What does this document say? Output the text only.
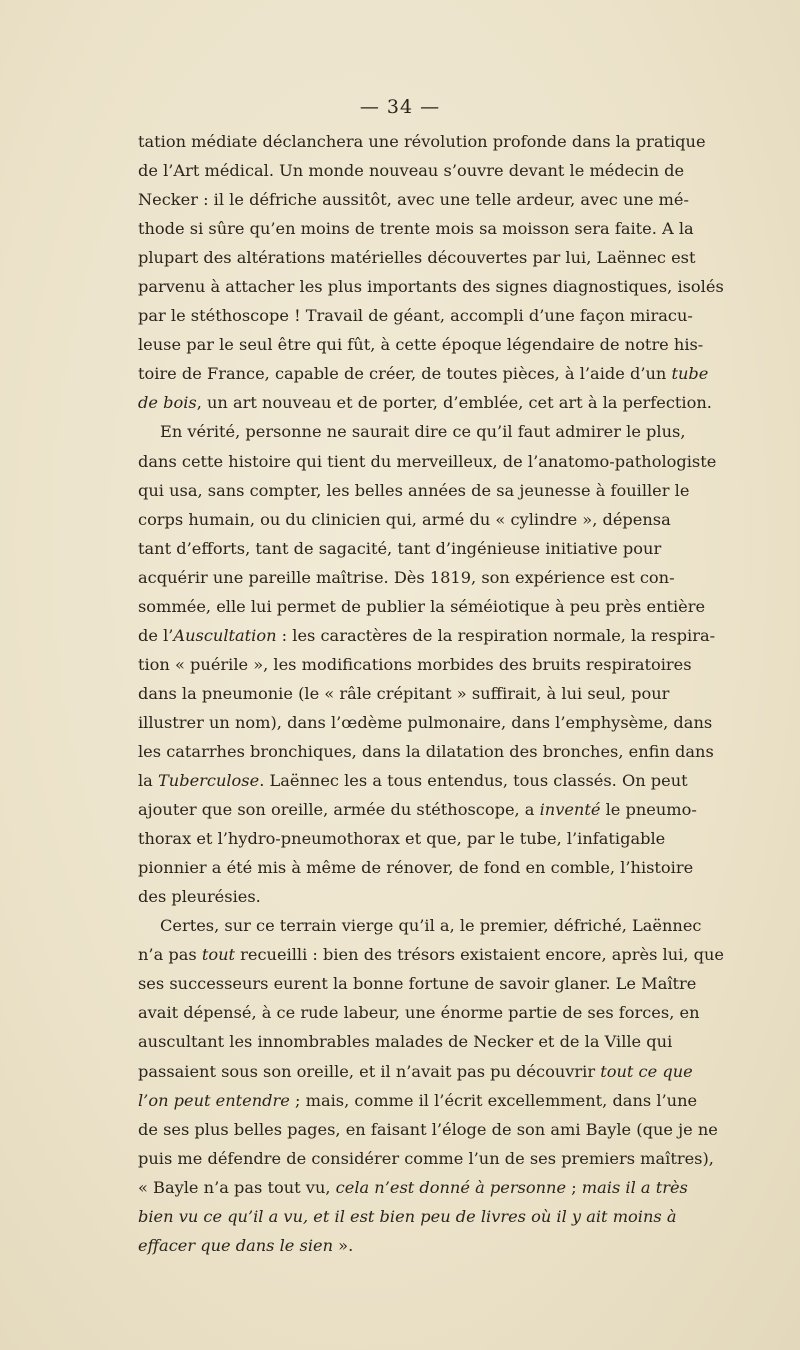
— 34 —
tation médiate déclanchera une révolution profonde dans la pratique
de l’Art médical. Un monde nouveau s’ouvre devant le médecin de
Necker : il le défriche aussitôt, avec une telle ardeur, avec une mé-
thode si sûre qu’en moins de trente mois sa moisson sera faite. A la
plupart des altérations matérielles découvertes par lui, Laënnec est
parvenu à attacher les plus importants des signes diagnostiques, isolés
par le stéthoscope ! Travail de géant, accompli d’une façon miracu-
leuse par le seul être qui fût, à cette époque légendaire de notre his-
toire de France, capable de créer, de toutes pièces, à l’aide d’un tube
de bois, un art nouveau et de porter, d’emblée, cet art à la perfection.
En vérité, personne ne saurait dire ce qu’il faut admirer le plus,
dans cette histoire qui tient du merveilleux, de l’anatomo-pathologiste
qui usa, sans compter, les belles années de sa jeunesse à fouiller le
corps humain, ou du clinicien qui, armé du « cylindre », dépensa
tant d’efforts, tant de sagacité, tant d’ingénieuse initiative pour
acquérir une pareille maîtrise. Dès 1819, son expérience est con-
sommée, elle lui permet de publier la séméiotique à peu près entière
de l’Auscultation : les caractères de la respiration normale, la respira-
tion « puérile », les modifications morbides des bruits respiratoires
dans la pneumonie (le « râle crépitant » suffirait, à lui seul, pour
illustrer un nom), dans l’œdème pulmonaire, dans l’emphysème, dans
les catarrhes bronchiques, dans la dilatation des bronches, enfin dans
la Tuberculose. Laënnec les a tous entendus, tous classés. On peut
ajouter que son oreille, armée du stéthoscope, a inventé le pneumo-
thorax et l’hydro-pneumothorax et que, par le tube, l’infatigable
pionnier a été mis à même de rénover, de fond en comble, l’histoire
des pleurésies.
Certes, sur ce terrain vierge qu’il a, le premier, défriché, Laënnec
n’a pas tout recueilli : bien des trésors existaient encore, après lui, que
ses successeurs eurent la bonne fortune de savoir glaner. Le Maître
avait dépensé, à ce rude labeur, une énorme partie de ses forces, en
auscultant les innombrables malades de Necker et de la Ville qui
passaient sous son oreille, et il n’avait pas pu découvrir tout ce que
l’on peut entendre ; mais, comme il l’écrit excellemment, dans l’une
de ses plus belles pages, en faisant l’éloge de son ami Bayle (que je ne
puis me défendre de considérer comme l’un de ses premiers maîtres),
« Bayle n’a pas tout vu, cela n’est donné à personne ; mais il a très
bien vu ce qu’il a vu, et il est bien peu de livres où il y ait moins à
effacer que dans le sien ».
